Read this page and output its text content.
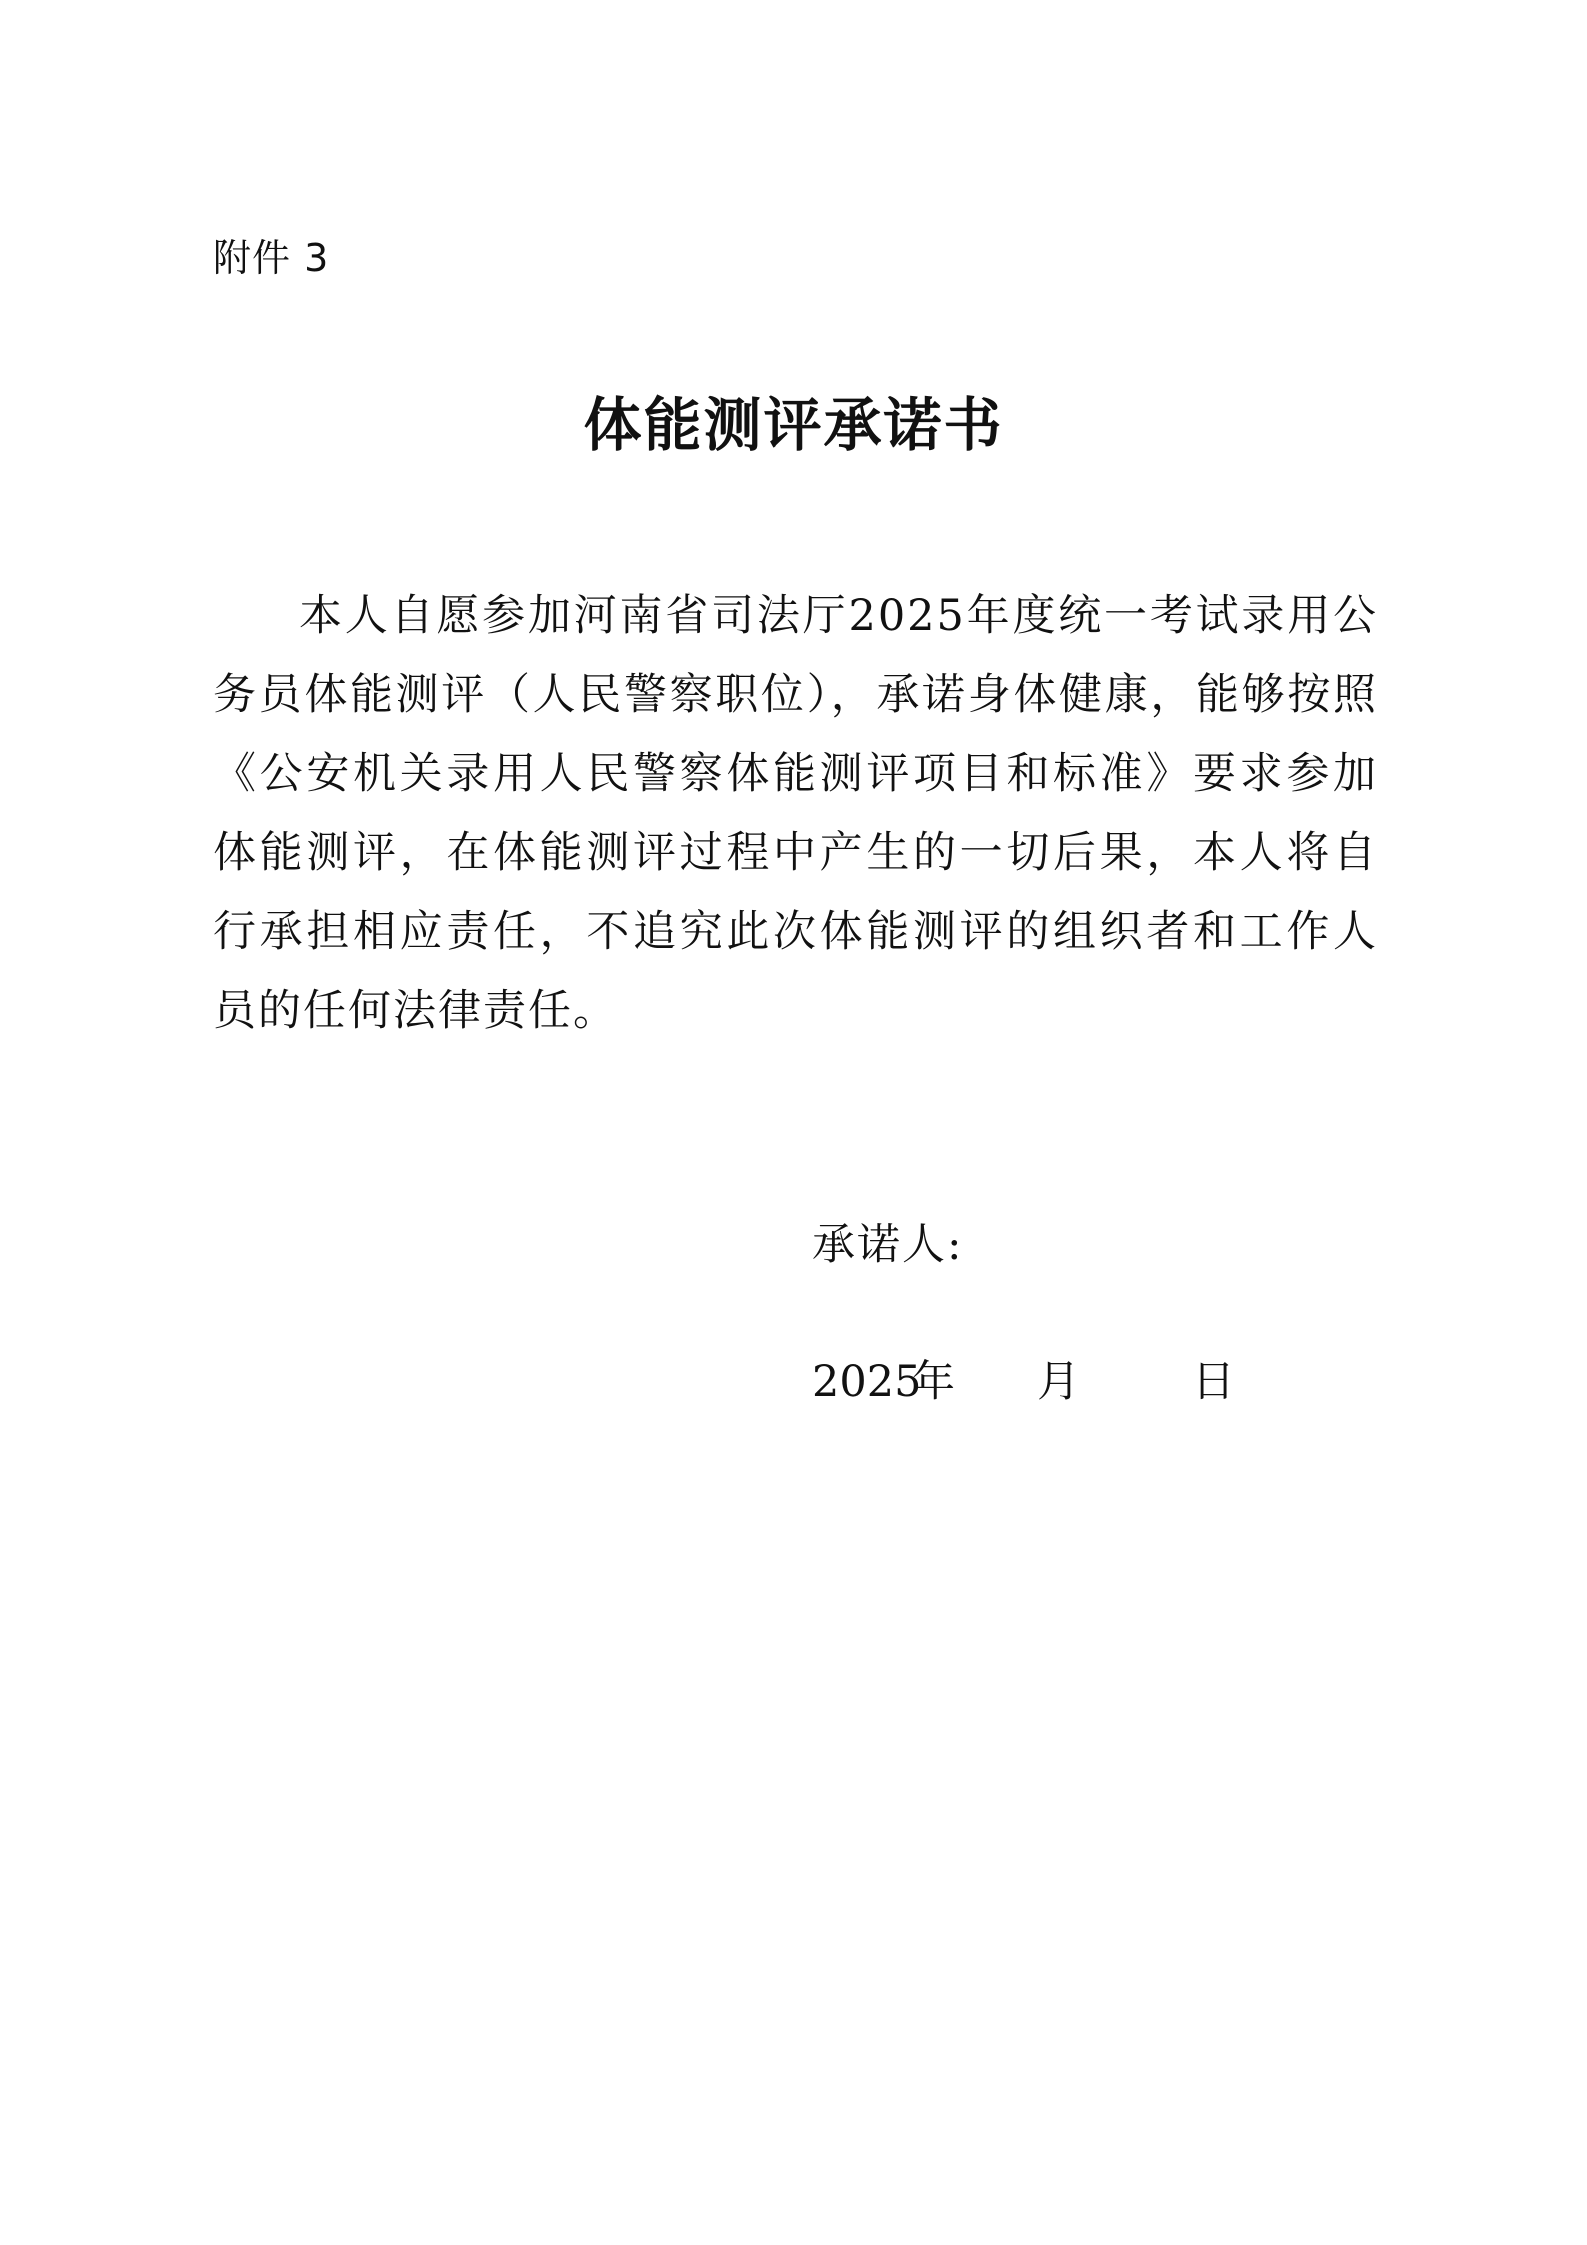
附件 3
体能测评承诺书

本人自愿参加河南省司法厅2025年度统一考试录用公务员体能测评（人民警察职位），承诺身体健康，能够按照《公安机关录用人民警察体能测评项目和标准》要求参加体能测评，在体能测评过程中产生的一切后果，本人将自行承担相应责任，不追究此次体能测评的组织者和工作人员的任何法律责任。

承诺人:
2025
年 月	日
